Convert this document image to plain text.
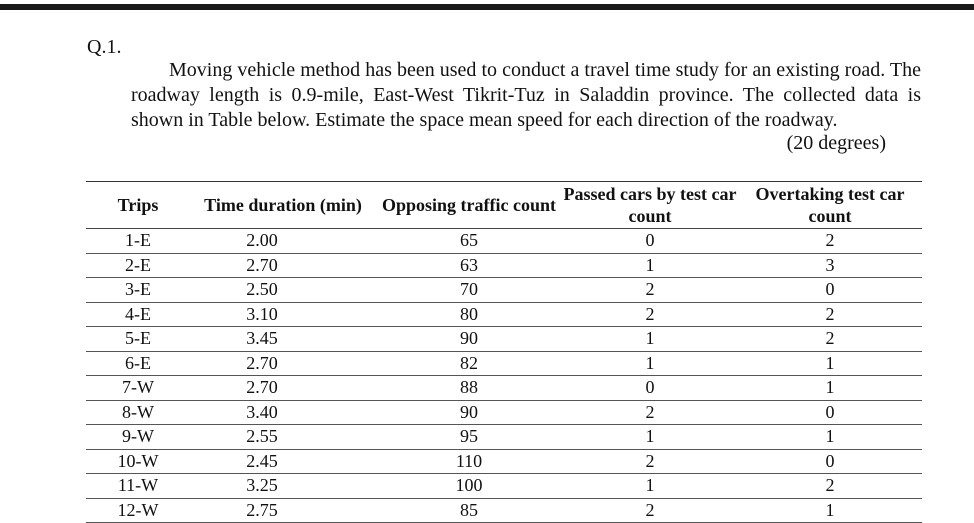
Q.1.
Moving vehicle method has been used to conduct a travel time study for an existing road. The roadway length is 0.9-mile, East-West Tikrit-Tuz in Saladdin province. The collected data is shown in Table below. Estimate the space mean speed for each direction of the roadway.
(20 degrees)
Trips	Time duration (min)	Opposing traffic count	Passed cars by test car count	Overtaking test car count
1-E	2.00	65	0	2
2-E	2.70	63	1	3
3-E	2.50	70	2	0
4-E	3.10	80	2	2
5-E	3.45	90	1	2
6-E	2.70	82	1	1
7-W	2.70	88	0	1
8-W	3.40	90	2	0
9-W	2.55	95	1	1
10-W	2.45	110	2	0
11-W	3.25	100	1	2
12-W	2.75	85	2	1
